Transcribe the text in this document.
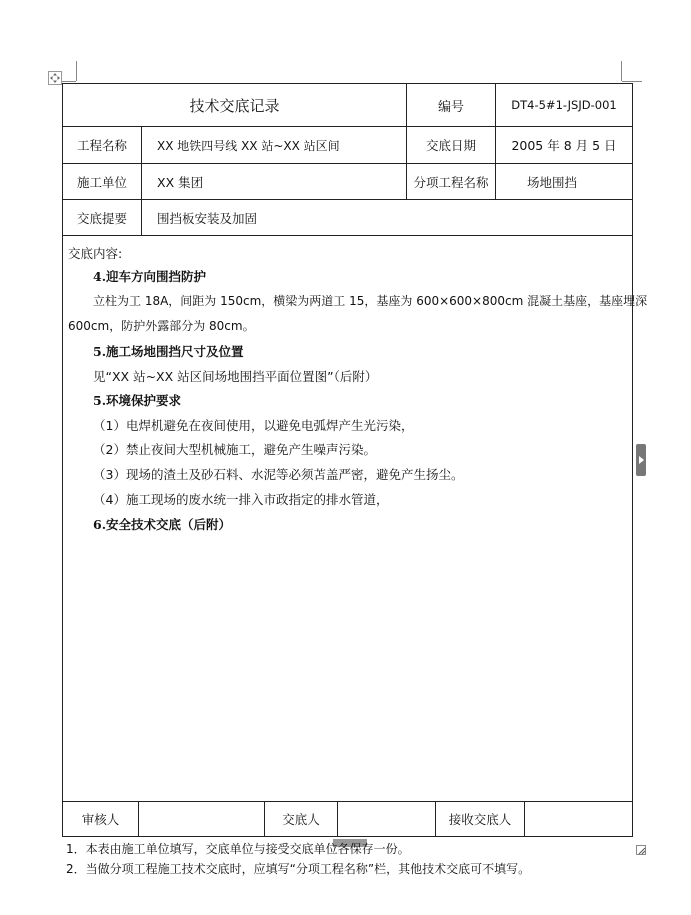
技术交底记录	编号	DT4-5#1-JSJD-001
工程名称	XX 地铁四号线 XX 站~XX 站区间	交底日期	2005 年 8 月 5 日
施工单位	XX 集团	分项工程名称	场地围挡
交底提要	围挡板安装及加固

交底内容:

4.迎车方向围挡防护

立柱为工 18A，间距为 150cm，横梁为两道工 15，基座为 600×600×800cm 混凝土基座，基座埋深

600cm，防护外露部分为 80cm。

5.施工场地围挡尺寸及位置

见“XX 站~XX 站区间场地围挡平面位置图”（后附）

5.环境保护要求

（1）电焊机避免在夜间使用，以避免电弧焊产生光污染，

（2）禁止夜间大型机械施工，避免产生噪声污染。

（3）现场的渣土及砂石料、水泥等必须苫盖严密，避免产生扬尘。

（4）施工现场的废水统一排入市政指定的排水管道，

6.安全技术交底（后附）

审核人	交底人	接收交底人
1．本表由施工单位填写，交底单位与接受交底单位各保存一份。
2．当做分项工程施工技术交底时，应填写“分项工程名称”栏，其他技术交底可不填写。
